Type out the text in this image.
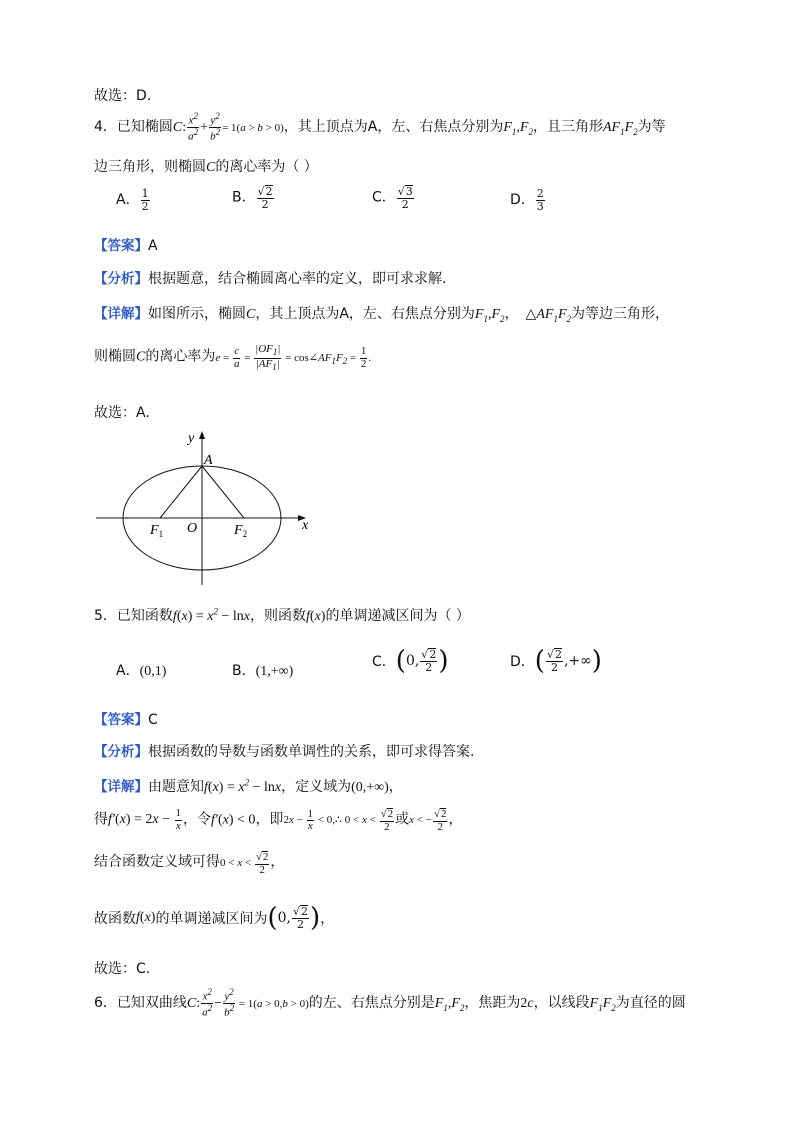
故选：D.
4．已知椭圆C: $\frac{x^2}{a^2} + \frac{y^2}{b^2} = 1(a > b > 0)$，其上顶点为A，左、右焦点分别为$F_1,F_2$，且三角形$AF_1F_2$为等
边三角形，则椭圆C的离心率为（ ）
A． $\frac{1}{2}$	B． $\frac{√2}{2}$	C． $\frac{√3}{2}$	D． $\frac{2}{3}$
【答案】A
【分析】根据题意，结合椭圆离心率的定义，即可求求解.
【详解】如图所示，椭圆C，其上顶点为A，左、右焦点分别为$F_1,F_2$， $\triangle AF_1F_2$为等边三角形，
则椭圆C的离心率为$e = \frac{c}{a} = \frac{|OF_1|}{|AF_1|}$ = $\cos\angle AF_1F_2 = \frac{1}{2}$ .
故选：A.
y
x
A
O
$F_1$	$F_2$
5．已知函数$f(x) = x^2 - \ln x$，则函数f(x)的单调递减区间为（ ）
A．(0,1)	B．(1,+∞)
C．(0, $\frac{√2}{2}$ )	D．( $\frac{√2}{2}$ ,+∞)
【答案】C
【分析】根据函数的导数与函数单调性的关系，即可求得答案.
【详解】由题意知$f(x) = x^2 - \ln x$，定义域为(0,+∞)，
得$f'(x) = 2x - \frac{1}{x}$ ，令f′(x) < 0，即$2x - \frac{1}{x}$ < 0,∴ $0 < x < \frac{√2}{2}$ 或x < − $\frac{√2}{2}$ ，
结合函数定义域可得$0 < x < \frac{√2}{2}$ ，
故函数f(x)的单调递减区间为(0, $\frac{√2}{2}$ )，
故选：C.
6．已知双曲线C: $\frac{x^2}{a^2} - \frac{y^2}{b^2} = 1(a > 0,b > 0)$的左、右焦点分别是$F_1,F_2$，焦距为2c，以线段$F_1F_2$为直径的圆
